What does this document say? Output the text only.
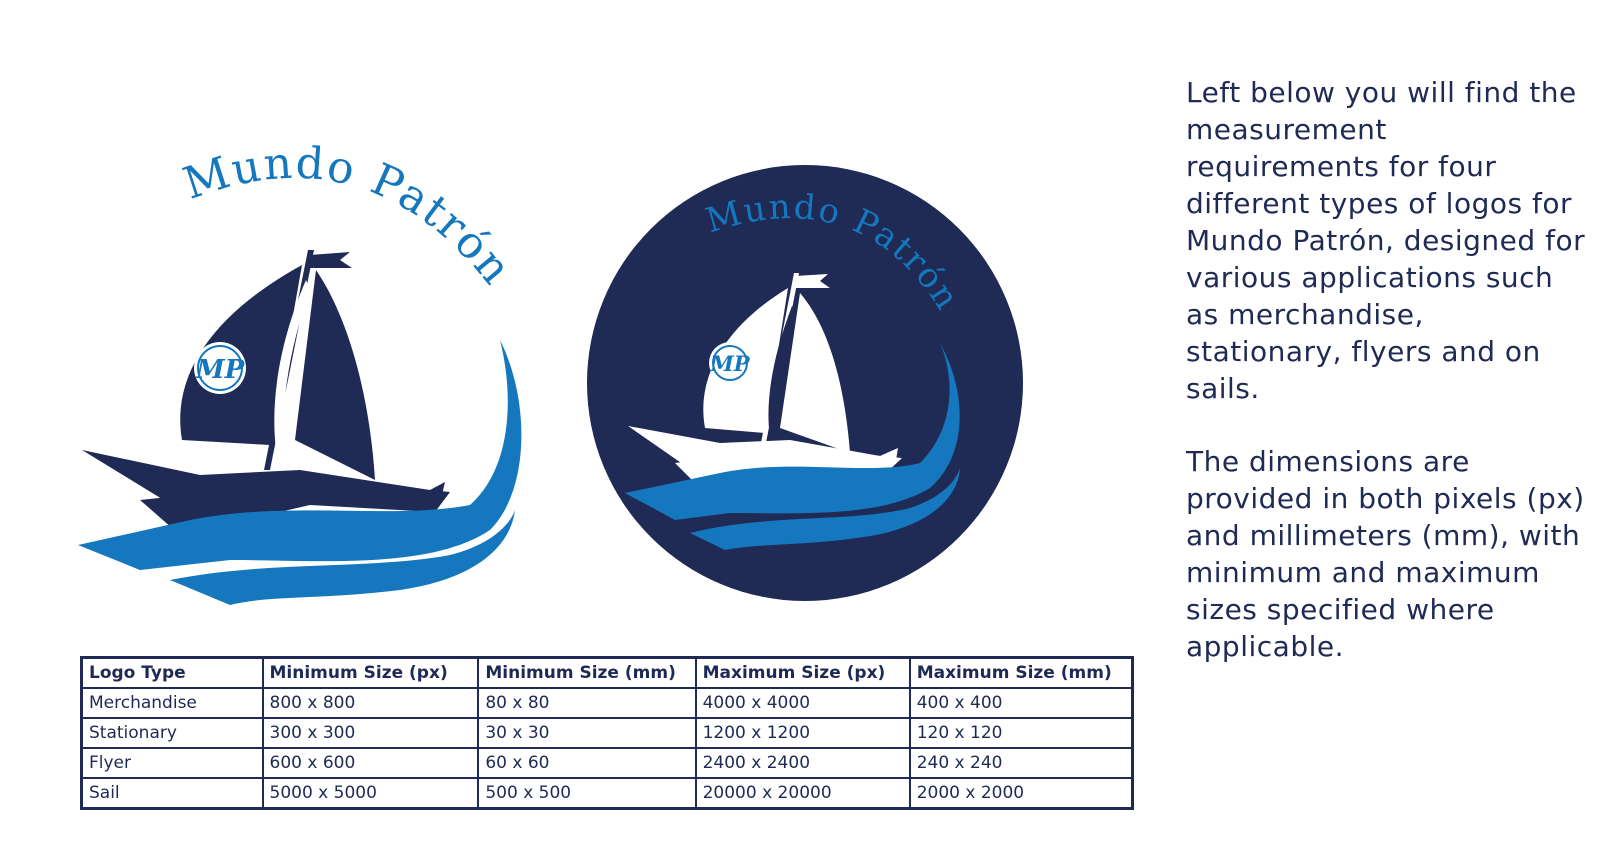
Mundo Patrón
MP
Mundo Patrón
MP
Logo Type	Minimum Size (px)	Minimum Size (mm)	Maximum Size (px)	Maximum Size (mm)
Merchandise	800 x 800	80 x 80	4000 x 4000	400 x 400
Stationary	300 x 300	30 x 30	1200 x 1200	120 x 120
Flyer	600 x 600	60 x 60	2400 x 2400	240 x 240
Sail	5000 x 5000	500 x 500	20000 x 20000	2000 x 2000

Left below you will find the measurement requirements for four different types of logos for Mundo Patrón, designed for various applications such as merchandise, stationary, flyers and on sails.

The dimensions are provided in both pixels (px) and millimeters (mm), with minimum and maximum sizes specified where applicable.
